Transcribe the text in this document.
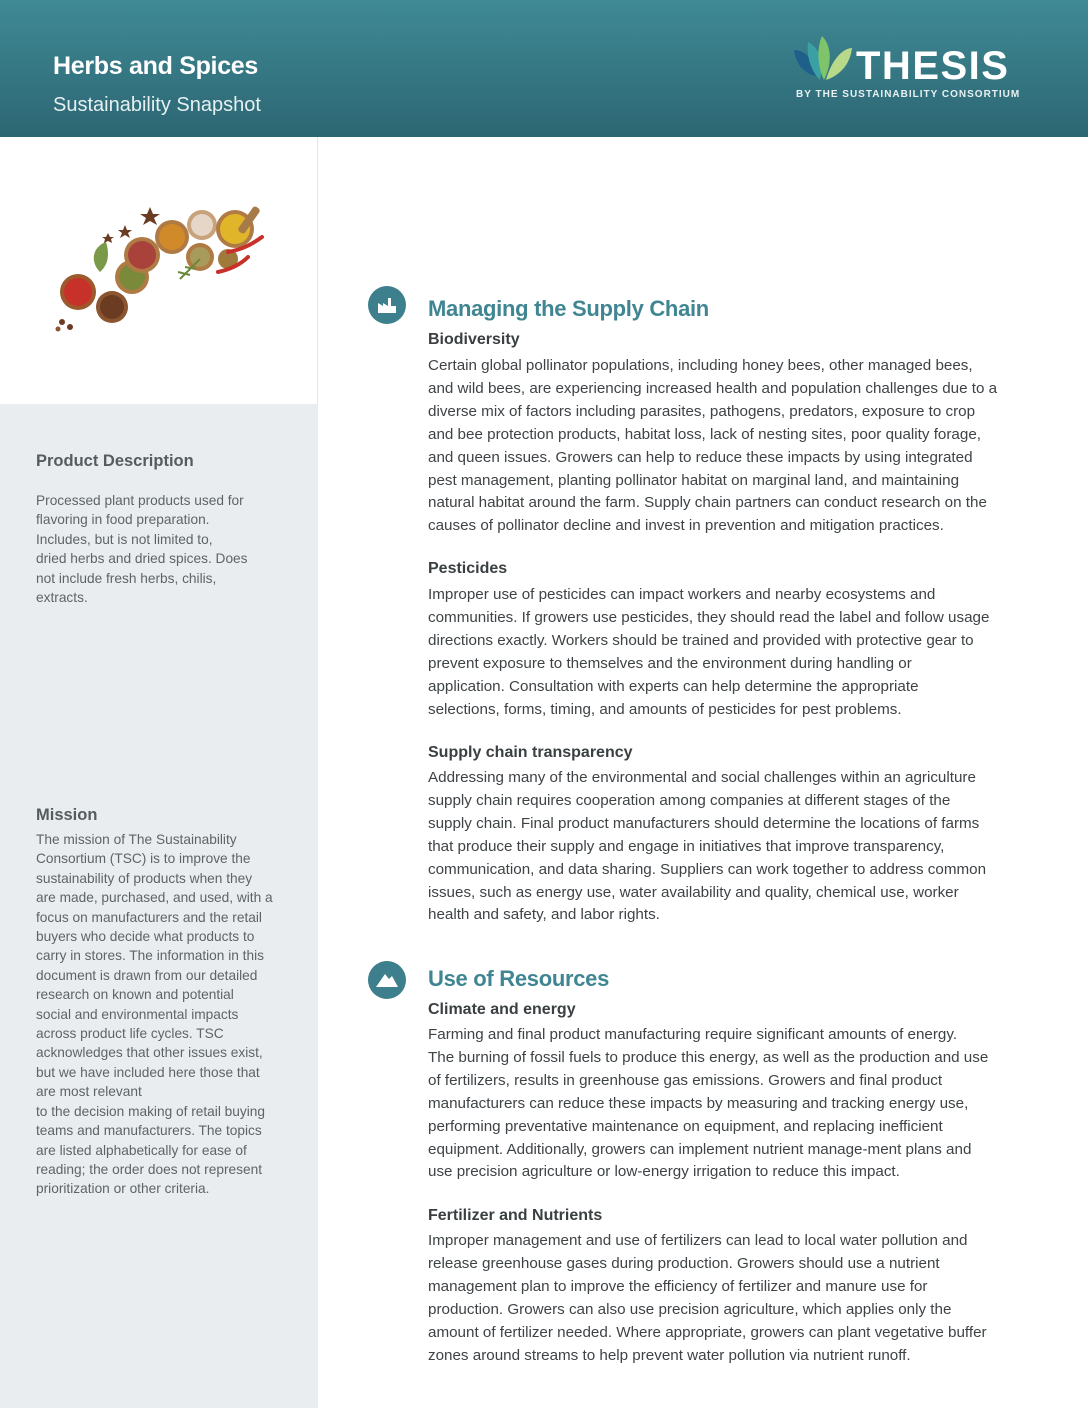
Herbs and Spices
Sustainability Snapshot
THESIS
BY THE SUSTAINABILITY CONSORTIUM
Product Description
Processed plant products used for
flavoring in food preparation.
Includes, but is not limited to,
dried herbs and dried spices. Does
not include fresh herbs, chilis,
extracts.
Mission
The mission of The Sustainability
Consortium (TSC) is to improve the
sustainability of products when they
are made, purchased, and used, with a
focus on manufacturers and the retail
buyers who decide what products to
carry in stores. The information in this
document is drawn from our detailed
research on known and potential
social and environmental impacts
across product life cycles. TSC
acknowledges that other issues exist,
but we have included here those that
are most relevant
to the decision making of retail buying
teams and manufacturers. The topics
are listed alphabetically for ease of
reading; the order does not represent
prioritization or other criteria.
Managing the Supply Chain
Biodiversity
Certain global pollinator populations, including honey bees, other managed bees,
and wild bees, are experiencing increased health and population challenges due to a
diverse mix of factors including parasites, pathogens, predators, exposure to crop
and bee protection products, habitat loss, lack of nesting sites, poor quality forage,
and queen issues. Growers can help to reduce these impacts by using integrated
pest management, planting pollinator habitat on marginal land, and maintaining
natural habitat around the farm. Supply chain partners can conduct research on the
causes of pollinator decline and invest in prevention and mitigation practices.
Pesticides
Improper use of pesticides can impact workers and nearby ecosystems and
communities. If growers use pesticides, they should read the label and follow usage
directions exactly. Workers should be trained and provided with protective gear to
prevent exposure to themselves and the environment during handling or
application. Consultation with experts can help determine the appropriate
selections, forms, timing, and amounts of pesticides for pest problems.
Supply chain transparency
Addressing many of the environmental and social challenges within an agriculture
supply chain requires cooperation among companies at different stages of the
supply chain. Final product manufacturers should determine the locations of farms
that produce their supply and engage in initiatives that improve transparency,
communication, and data sharing. Suppliers can work together to address common
issues, such as energy use, water availability and quality, chemical use, worker
health and safety, and labor rights.
Use of Resources
Climate and energy
Farming and final product manufacturing require significant amounts of energy.
The burning of fossil fuels to produce this energy, as well as the production and use
of fertilizers, results in greenhouse gas emissions. Growers and final product
manufacturers can reduce these impacts by measuring and tracking energy use,
performing preventative maintenance on equipment, and replacing inefficient
equipment. Additionally, growers can implement nutrient manage-ment plans and
use precision agriculture or low-energy irrigation to reduce this impact.
Fertilizer and Nutrients
Improper management and use of fertilizers can lead to local water pollution and
release greenhouse gases during production. Growers should use a nutrient
management plan to improve the efficiency of fertilizer and manure use for
production. Growers can also use precision agriculture, which applies only the
amount of fertilizer needed. Where appropriate, growers can plant vegetative buffer
zones around streams to help prevent water pollution via nutrient runoff.
